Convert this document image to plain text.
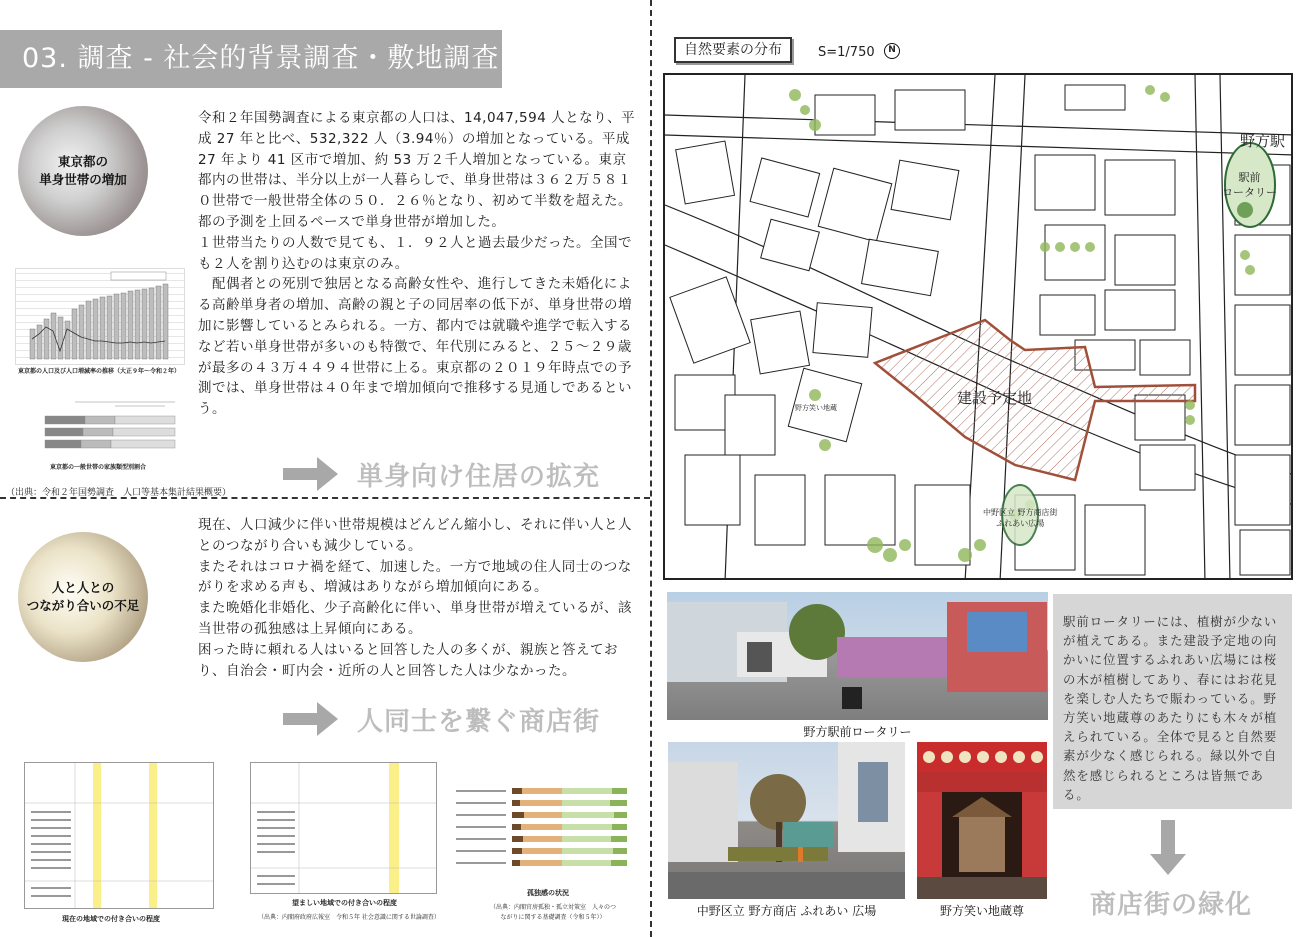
03. 調査 - 社会的背景調査・敷地調査 -
東京都の
単身世帯の増加
令和２年国勢調査による東京都の人口は、14,047,594 人となり、平成 27 年と比べ、532,322 人（3.94％）の増加となっている。平成 27 年より 41 区市で増加、約 53 万２千人増加となっている。東京都内の世帯は、半分以上が一人暮らしで、単身世帯は３６２万５８１０世帯で一般世帯全体の５０．２６％となり、初めて半数を超えた。都の予測を上回るペースで単身世帯が増加した。
１世帯当たりの人数で見ても、１．９２人と過去最少だった。全国でも２人を割り込むのは東京のみ。
　配偶者との死別で独居となる高齢女性や、進行してきた未婚化による高齢単身者の増加、高齢の親と子の同居率の低下が、単身世帯の増加に影響しているとみられる。一方、都内では就職や進学で転入するなど若い単身世帯が多いのも特徴で、年代別にみると、２５～２９歳が最多の４３万４４９４世帯に上る。東京都の２０１９年時点での予測では、単身世帯は４０年まで増加傾向で推移する見通しであるという。
東京都の人口及び人口増減率の推移（大正９年～令和２年）
東京都の一般世帯の家族類型別割合
（出典：令和２年国勢調査　人口等基本集計結果概要）
単身向け住居の拡充
人と人との
つながり合いの不足
現在、人口減少に伴い世帯規模はどんどん縮小し、それに伴い人と人とのつながり合いも減少している。
またそれはコロナ禍を経て、加速した。一方で地域の住人同士のつながりを求める声も、増減はありながら増加傾向にある。
また晩婚化非婚化、少子高齢化に伴い、単身世帯が増えているが、該当世帯の孤独感は上昇傾向にある。
困った時に頼れる人はいると回答した人の多くが、親族と答えており、自治会・町内会・近所の人と回答した人は少なかった。
人同士を繋ぐ商店街
現在の地域での付き合いの程度
望ましい地域での付き合いの程度
（出典：内閣府政府広報室　令和５年 社会意識に関する世論調査）
孤独感の状況
（出典：内閣官房孤独・孤立対策室　人々のつながりに関する基礎調査（令和５年））
自然要素の分布	S=1/750	N
野方駅
駅前
ロータリー
建設予定地
中野区立 野方商店街
ふれあい広場
野方笑い地蔵
野方駅前ロータリー
中野区立 野方商店 ふれあい 広場	野方笑い地蔵尊
駅前ロータリーには、植樹が少ないが植えてある。また建設予定地の向かいに位置するふれあい広場には桜の木が植樹してあり、春にはお花見を楽しむ人たちで賑わっている。野方笑い地蔵尊のあたりにも木々が植えられている。全体で見ると自然要素が少なく感じられる。緑以外で自然を感じられるところは皆無である。
商店街の緑化
